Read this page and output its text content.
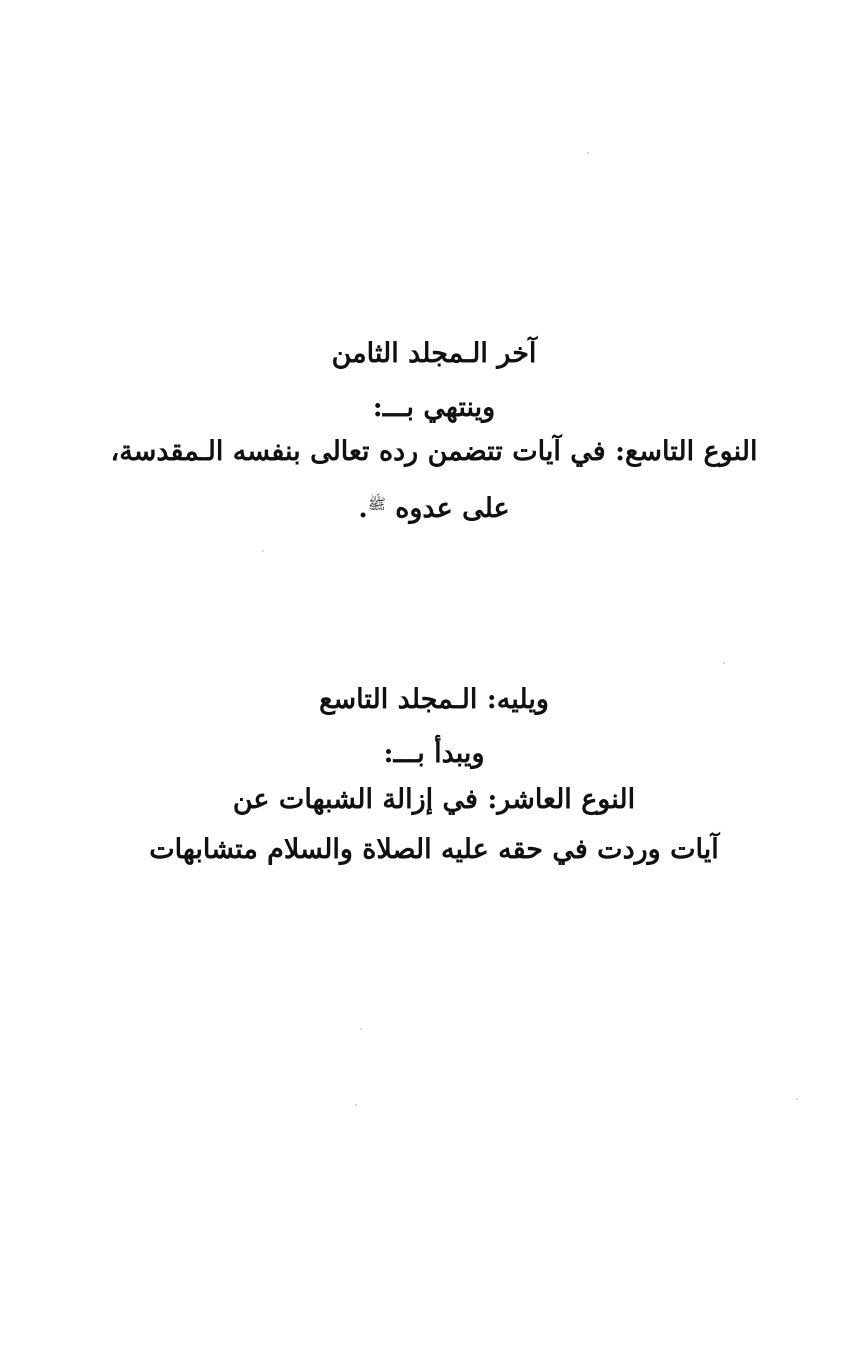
آخر الـمجلد الثامن
وينتهي بـــ:
النوع التاسع: في آيات تتضمن رده تعالى بنفسه الـمقدسة،
على عدوه $^ﷺ$.
ويليه: الـمجلد التاسع
ويبدأ بـــ:
النوع العاشر: في إزالة الشبهات عن
آيات وردت في حقه عليه الصلاة والسلام متشابهات
